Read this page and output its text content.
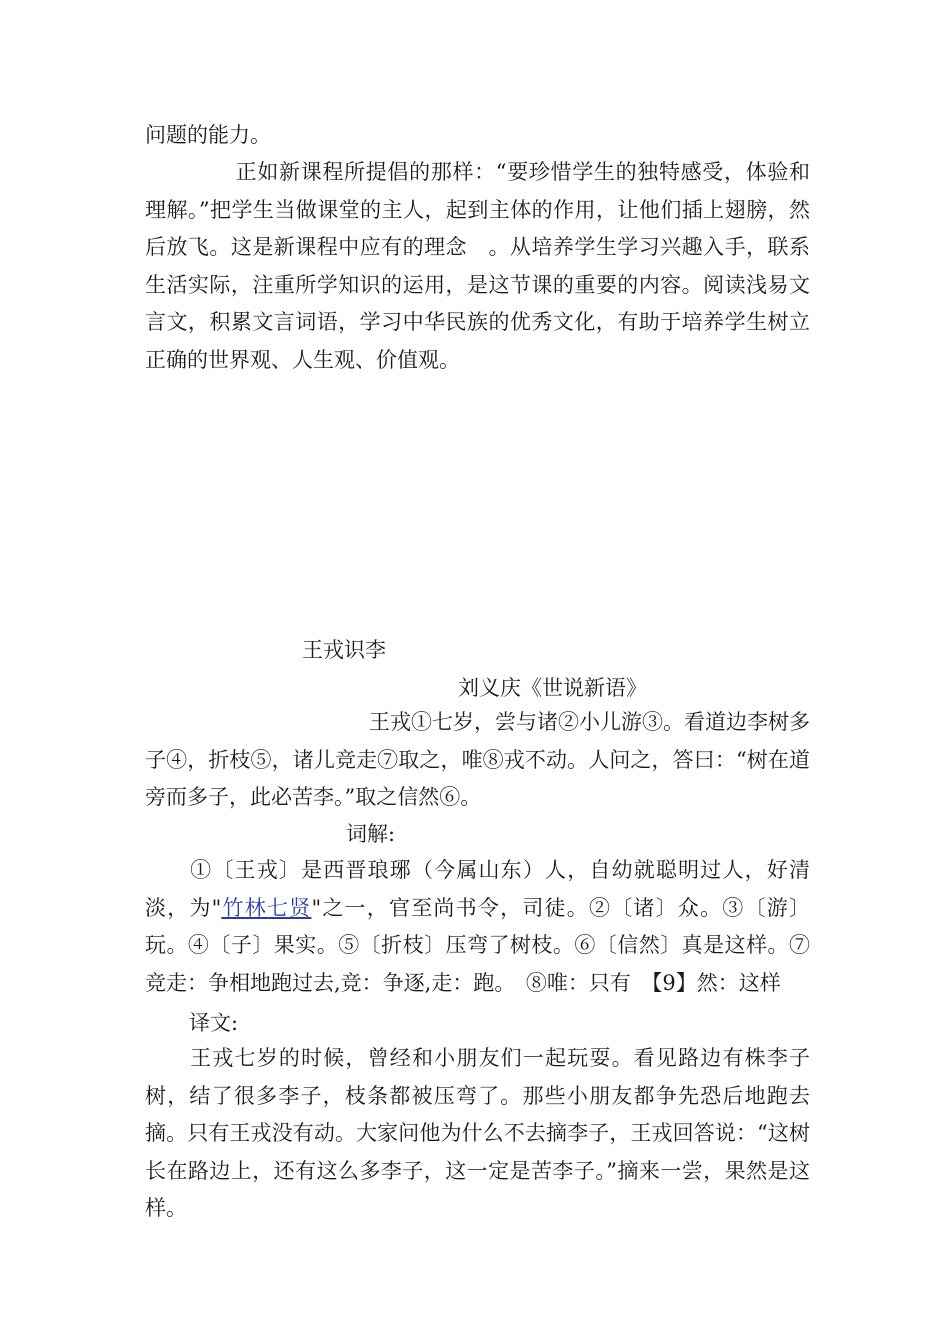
问题的能力。
正如新课程所提倡的那样：“要珍惜学生的独特感受，体验和理解。”把学生当做课堂的主人，起到主体的作用，让他们插上翅膀，然后放飞。这是新课程中应有的理念　。从培养学生学习兴趣入手，联系生活实际，注重所学知识的运用，是这节课的重要的内容。阅读浅易文言文，积累文言词语，学习中华民族的优秀文化，有助于培养学生树立正确的世界观、人生观、价值观。
王戎识李
刘义庆《世说新语》
王戎①七岁，尝与诸②小儿游③。看道边李树多子④，折枝⑤，诸儿竞走⑦取之，唯⑧戎不动。人问之，答曰：“树在道旁而多子，此必苦李。”取之信然⑥。
词解:
①〔王戎〕是西晋琅琊（今属山东）人，自幼就聪明过人，好清淡，为"竹林七贤"之一，官至尚书令，司徒。②〔诸〕众。③〔游〕玩。④〔子〕果实。⑤〔折枝〕压弯了树枝。⑥〔信然〕真是这样。⑦竞走：争相地跑过去,竞：争逐,走：跑。　⑧唯：只有　【9】然：这样
译文:
王戎七岁的时候，曾经和小朋友们一起玩耍。看见路边有株李子树，结了很多李子，枝条都被压弯了。那些小朋友都争先恐后地跑去摘。只有王戎没有动。大家问他为什么不去摘李子，王戎回答说：“这树长在路边上，还有这么多李子，这一定是苦李子。”摘来一尝，果然是这样。
